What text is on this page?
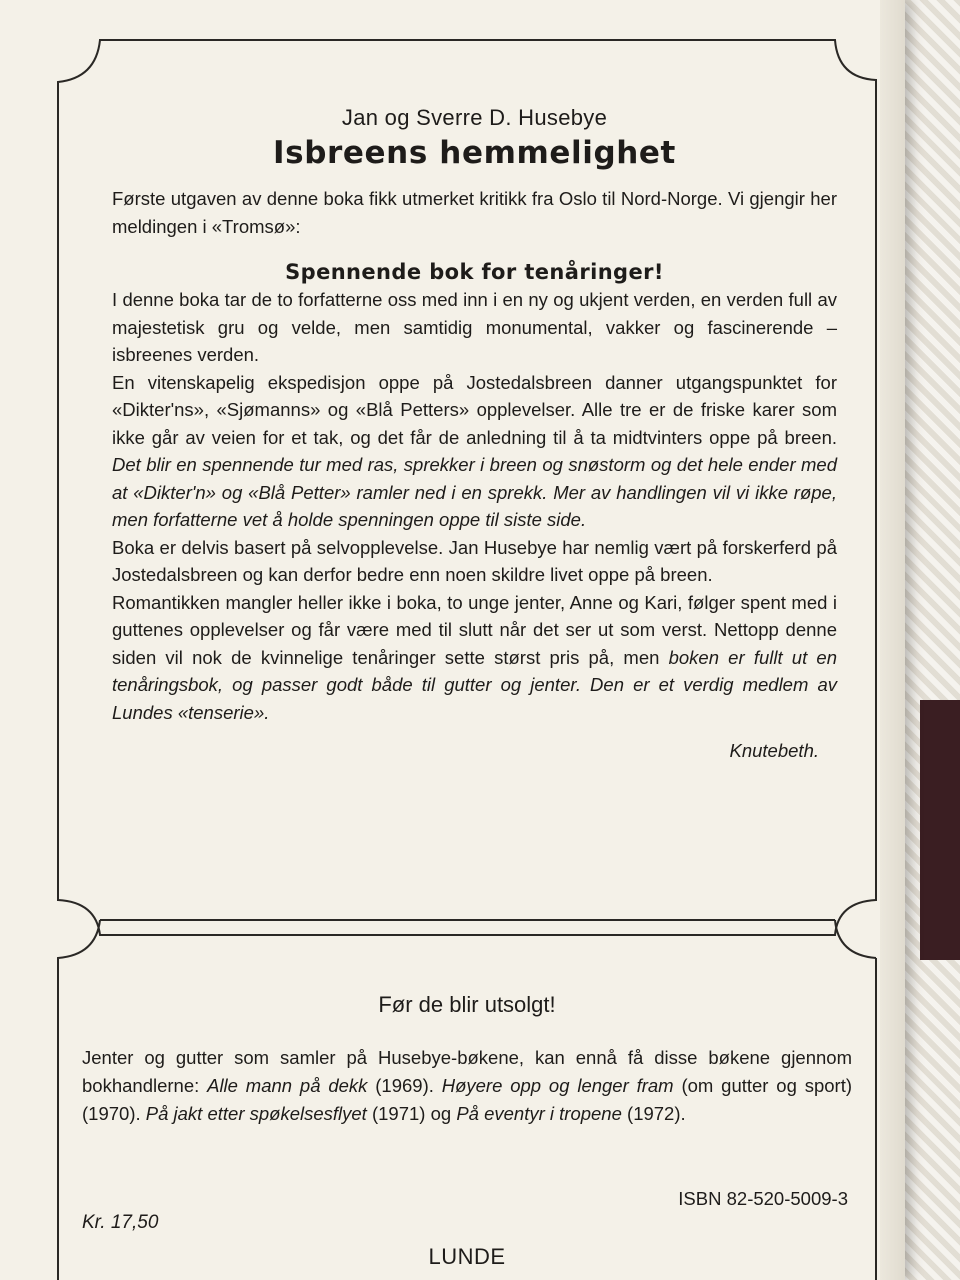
Jan og Sverre D. Husebye
Isbreens hemmelighet

Første utgaven av denne boka fikk utmerket kritikk fra Oslo til Nord-Norge. Vi gjengir her meldingen i «Tromsø»:

Spennende bok for tenåringer!

I denne boka tar de to forfatterne oss med inn i en ny og ukjent verden, en verden full av majestetisk gru og velde, men samtidig monumental, vakker og fascinerende – isbreenes verden.

En vitenskapelig ekspedisjon oppe på Jostedalsbreen danner utgangspunktet for «Dikter'ns», «Sjømanns» og «Blå Petters» opplevelser. Alle tre er de friske karer som ikke går av veien for et tak, og det får de anledning til å ta midtvinters oppe på breen. Det blir en spennende tur med ras, sprekker i breen og snøstorm og det hele ender med at «Dikter'n» og «Blå Petter» ramler ned i en sprekk. Mer av handlingen vil vi ikke røpe, men forfatterne vet å holde spenningen oppe til siste side.

Boka er delvis basert på selvopplevelse. Jan Husebye har nemlig vært på forskerferd på Jostedalsbreen og kan derfor bedre enn noen skildre livet oppe på breen.

Romantikken mangler heller ikke i boka, to unge jenter, Anne og Kari, følger spent med i guttenes opplevelser og får være med til slutt når det ser ut som verst. Nettopp denne siden vil nok de kvinnelige tenåringer sette størst pris på, men boken er fullt ut en tenåringsbok, og passer godt både til gutter og jenter. Den er et verdig medlem av Lundes «tenserie».

Knutebeth.
Før de blir utsolgt!

Jenter og gutter som samler på Husebye-bøkene, kan ennå få disse bøkene gjennom bokhandlerne: Alle mann på dekk (1969). Høyere opp og lenger fram (om gutter og sport) (1970). På jakt etter spøkelsesflyet (1971) og På eventyr i tropene (1972).

ISBN 82-520-5009-3
Kr. 17,50
LUNDE
